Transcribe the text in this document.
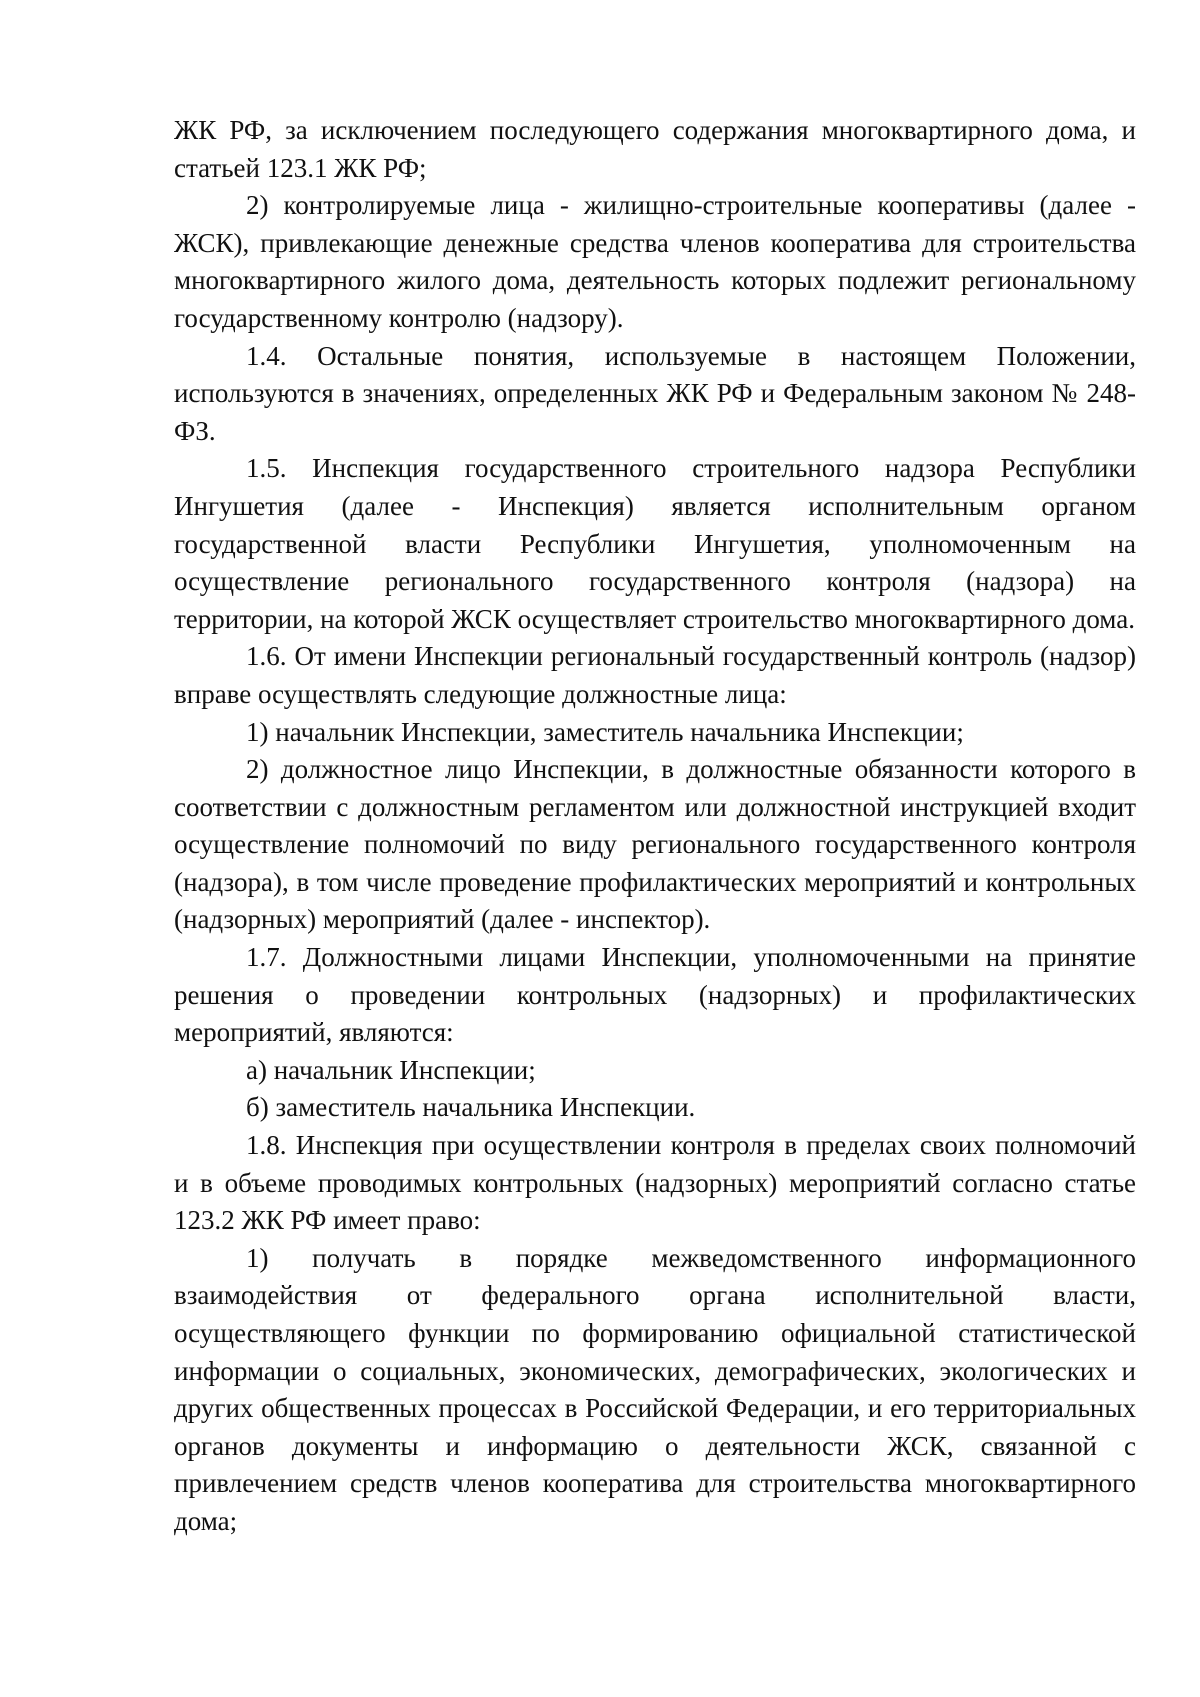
ЖК РФ, за исключением последующего содержания многоквартирного дома, и статьей 123.1 ЖК РФ;

2) контролируемые лица - жилищно-строительные кооперативы (далее - ЖСК), привлекающие денежные средства членов кооператива для строительства многоквартирного жилого дома, деятельность которых подлежит региональному государственному контролю (надзору).

1.4. Остальные понятия, используемые в настоящем Положении, используются в значениях, определенных ЖК РФ и Федеральным законом № 248-ФЗ.

1.5. Инспекция государственного строительного надзора Республики Ингушетия (далее - Инспекция) является исполнительным органом государственной власти Республики Ингушетия, уполномоченным на осуществление регионального государственного контроля (надзора) на территории, на которой ЖСК осуществляет строительство многоквартирного дома.

1.6. От имени Инспекции региональный государственный контроль (надзор) вправе осуществлять следующие должностные лица:

1) начальник Инспекции, заместитель начальника Инспекции;

2) должностное лицо Инспекции, в должностные обязанности которого в соответствии с должностным регламентом или должностной инструкцией входит осуществление полномочий по виду регионального государственного контроля (надзора), в том числе проведение профилактических мероприятий и контрольных (надзорных) мероприятий (далее - инспектор).

1.7. Должностными лицами Инспекции, уполномоченными на принятие решения о проведении контрольных (надзорных) и профилактических мероприятий, являются:

а) начальник Инспекции;

б) заместитель начальника Инспекции.

1.8. Инспекция при осуществлении контроля в пределах своих полномочий и в объеме проводимых контрольных (надзорных) мероприятий согласно статье 123.2 ЖК РФ имеет право:

1) получать в порядке межведомственного информационного взаимодействия от федерального органа исполнительной власти, осуществляющего функции по формированию официальной статистической информации о социальных, экономических, демографических, экологических и других общественных процессах в Российской Федерации, и его территориальных органов документы и информацию о деятельности ЖСК, связанной с привлечением средств членов кооператива для строительства многоквартирного дома;
